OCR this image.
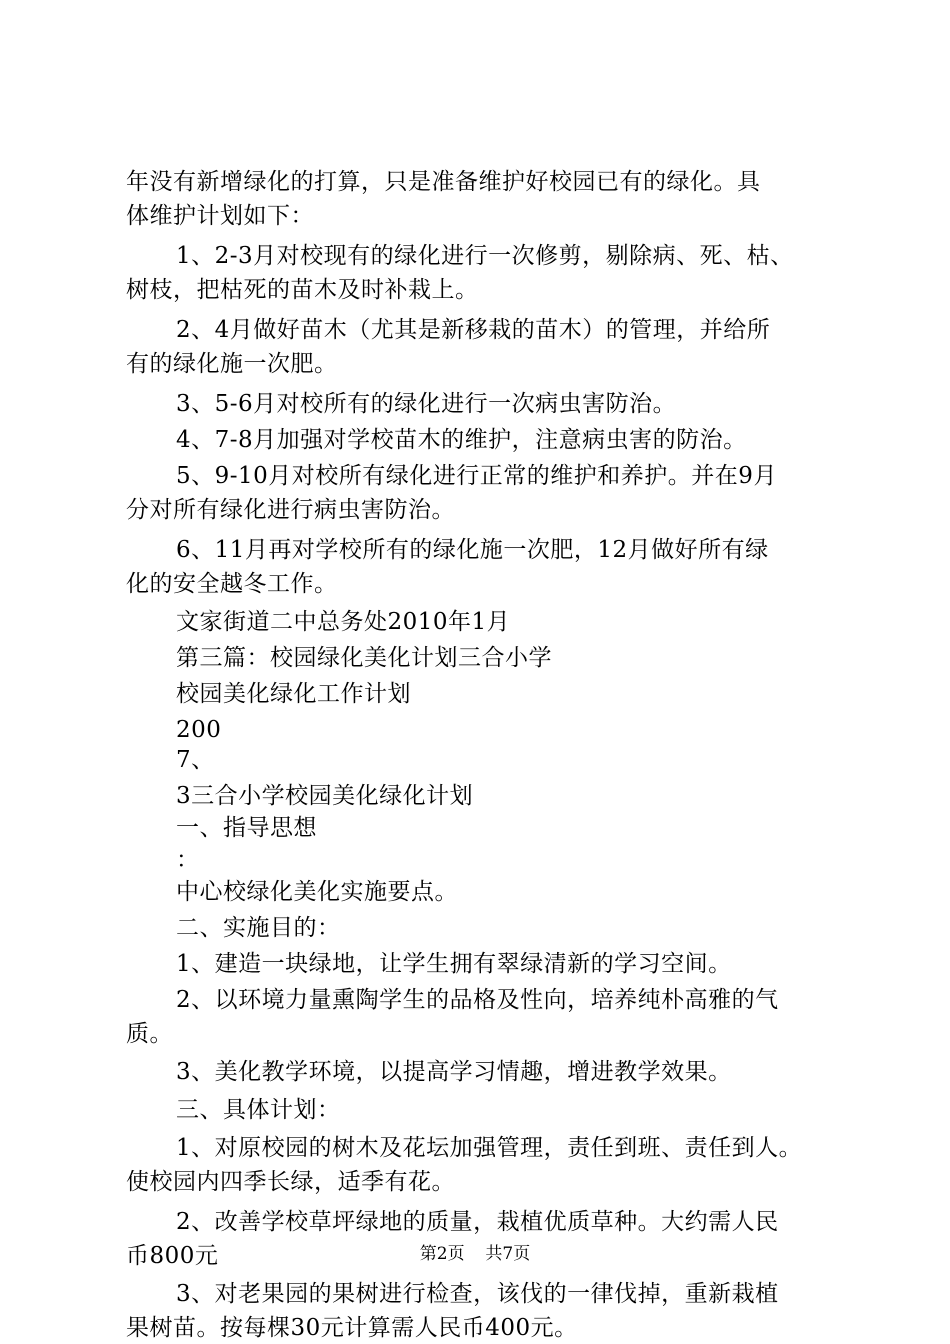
年没有新增绿化的打算，只是准备维护好校园已有的绿化。具
体维护计划如下：
1、2-3月对校现有的绿化进行一次修剪，剔除病、死、枯、
树枝，把枯死的苗木及时补栽上。
2、4月做好苗木（尤其是新移栽的苗木）的管理，并给所
有的绿化施一次肥。
3、5-6月对校所有的绿化进行一次病虫害防治。
4、7-8月加强对学校苗木的维护，注意病虫害的防治。
5、9-10月对校所有绿化进行正常的维护和养护。并在9月
分对所有绿化进行病虫害防治。
6、11月再对学校所有的绿化施一次肥，12月做好所有绿
化的安全越冬工作。
文家街道二中总务处2010年1月
第三篇：校园绿化美化计划三合小学
校园美化绿化工作计划
200
7、
3三合小学校园美化绿化计划
一、指导思想
：
中心校绿化美化实施要点。
二、实施目的：
1、建造一块绿地，让学生拥有翠绿清新的学习空间。
2、以环境力量熏陶学生的品格及性向，培养纯朴高雅的气
质。
3、美化教学环境，以提高学习情趣，增进教学效果。
三、具体计划：
1、对原校园的树木及花坛加强管理，责任到班、责任到人。
使校园内四季长绿，适季有花。
2、改善学校草坪绿地的质量，栽植优质草种。大约需人民
币800元
3、对老果园的果树进行检查，该伐的一律伐掉，重新栽植
果树苗。按每棵30元计算需人民币400元。
第2页 共7页
